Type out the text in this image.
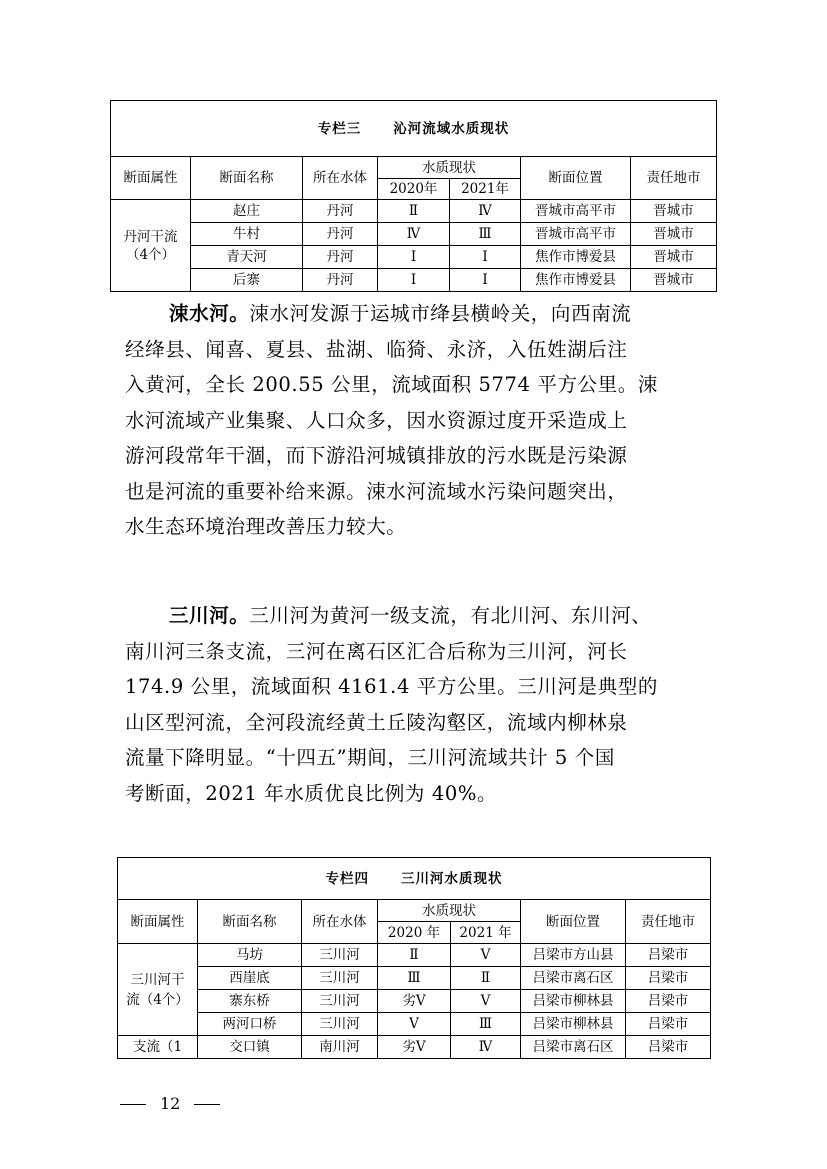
专栏三 沁河流域水质现状						
断面属性	断面名称	所在水体	水质现状		断面位置	责任地市
			2020年	2021年		
丹河干流（4个）	赵庄	丹河	Ⅱ	Ⅳ	晋城市高平市	晋城市
	牛村	丹河	Ⅳ	Ⅲ	晋城市高平市	晋城市
	青天河	丹河	Ⅰ	Ⅰ	焦作市博爱县	晋城市
	后寨	丹河	Ⅰ	Ⅰ	焦作市博爱县	晋城市
涑水河。涑水河发源于运城市绛县横岭关，向西南流
经绛县、闻喜、夏县、盐湖、临猗、永济，入伍姓湖后注
入黄河，全长 200.55 公里，流域面积 5774 平方公里。涑
水河流域产业集聚、人口众多，因水资源过度开采造成上
游河段常年干涸，而下游沿河城镇排放的污水既是污染源
也是河流的重要补给来源。涑水河流域水污染问题突出，
水生态环境治理改善压力较大。
三川河。三川河为黄河一级支流，有北川河、东川河、
南川河三条支流，三河在离石区汇合后称为三川河，河长
174.9 公里，流域面积 4161.4 平方公里。三川河是典型的
山区型河流，全河段流经黄土丘陵沟壑区，流域内柳林泉
流量下降明显。“十四五”期间，三川河流域共计 5 个国
考断面，2021 年水质优良比例为 40%。
专栏四 三川河水质现状						
断面属性	断面名称	所在水体	水质现状		断面位置	责任地市
			2020 年	2021 年		

三川河干
流（4个）	马坊	三川河	Ⅱ	Ⅴ	吕梁市方山县	吕梁市
	西崖底	三川河	Ⅲ	Ⅱ	吕梁市离石区	吕梁市
	寨东桥	三川河	劣Ⅴ	Ⅴ	吕梁市柳林县	吕梁市
	两河口桥	三川河	Ⅴ	Ⅲ	吕梁市柳林县	吕梁市
支流（1	交口镇	南川河	劣Ⅴ	Ⅳ	吕梁市离石区	吕梁市
12
